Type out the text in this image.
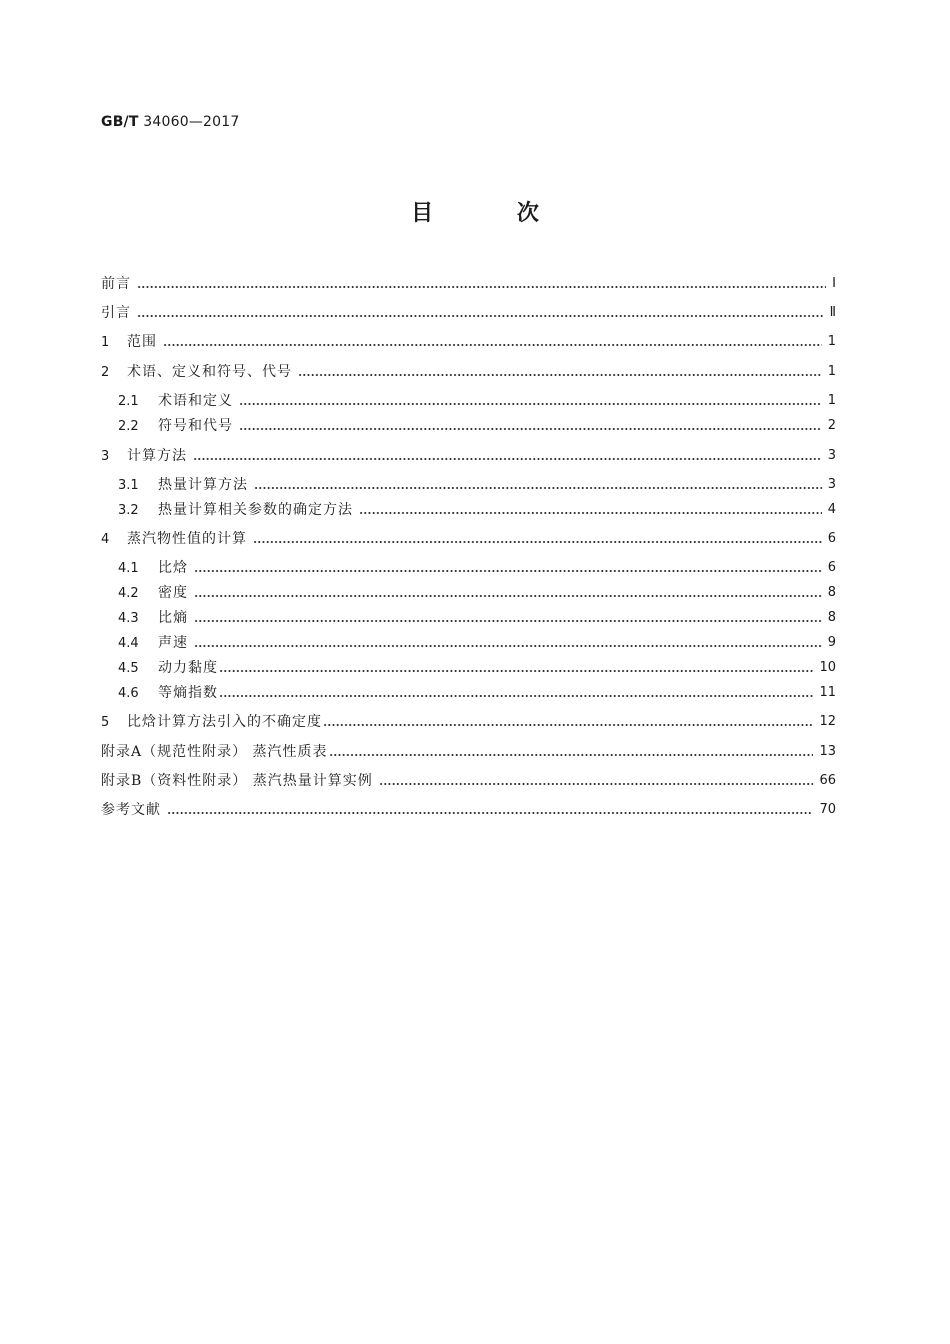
GB/T 34060—2017
目 次
前言	Ⅰ
引言	Ⅱ
1 范围	1
2 术语、定义和符号、代号	1
2.1 术语和定义	1
2.2 符号和代号	2
3 计算方法	3
3.1 热量计算方法	3
3.2 热量计算相关参数的确定方法	4
4 蒸汽物性值的计算	6
4.1 比焓	6
4.2 密度	8
4.3 比熵	8
4.4 声速	9
4.5 动力黏度	10
4.6 等熵指数	11
5 比焓计算方法引入的不确定度	12
附录A（规范性附录） 蒸汽性质表	13
附录B（资料性附录） 蒸汽热量计算实例	66
参考文献	70
